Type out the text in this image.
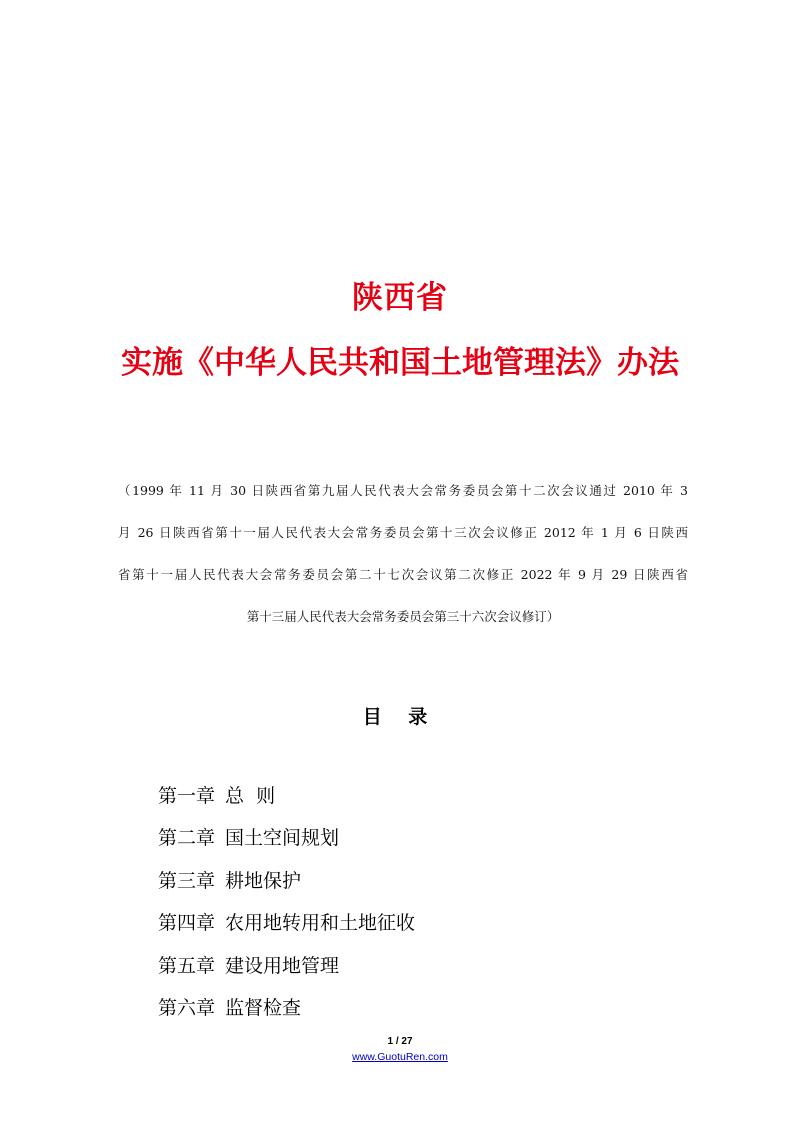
陕西省
实施《中华人民共和国土地管理法》办法
（1999 年 11 月 30 日陕西省第九届人民代表大会常务委员会第十二次会议通过 2010 年 3
月 26 日陕西省第十一届人民代表大会常务委员会第十三次会议修正 2012 年 1 月 6 日陕西
省第十一届人民代表大会常务委员会第二十七次会议第二次修正 2022 年 9 月 29 日陕西省
第十三届人民代表大会常务委员会第三十六次会议修订）
目 录
第一章 总  则
第二章 国土空间规划
第三章 耕地保护
第四章 农用地转用和土地征收
第五章 建设用地管理
第六章 监督检查
1 / 27
www.GuotuRen.com
